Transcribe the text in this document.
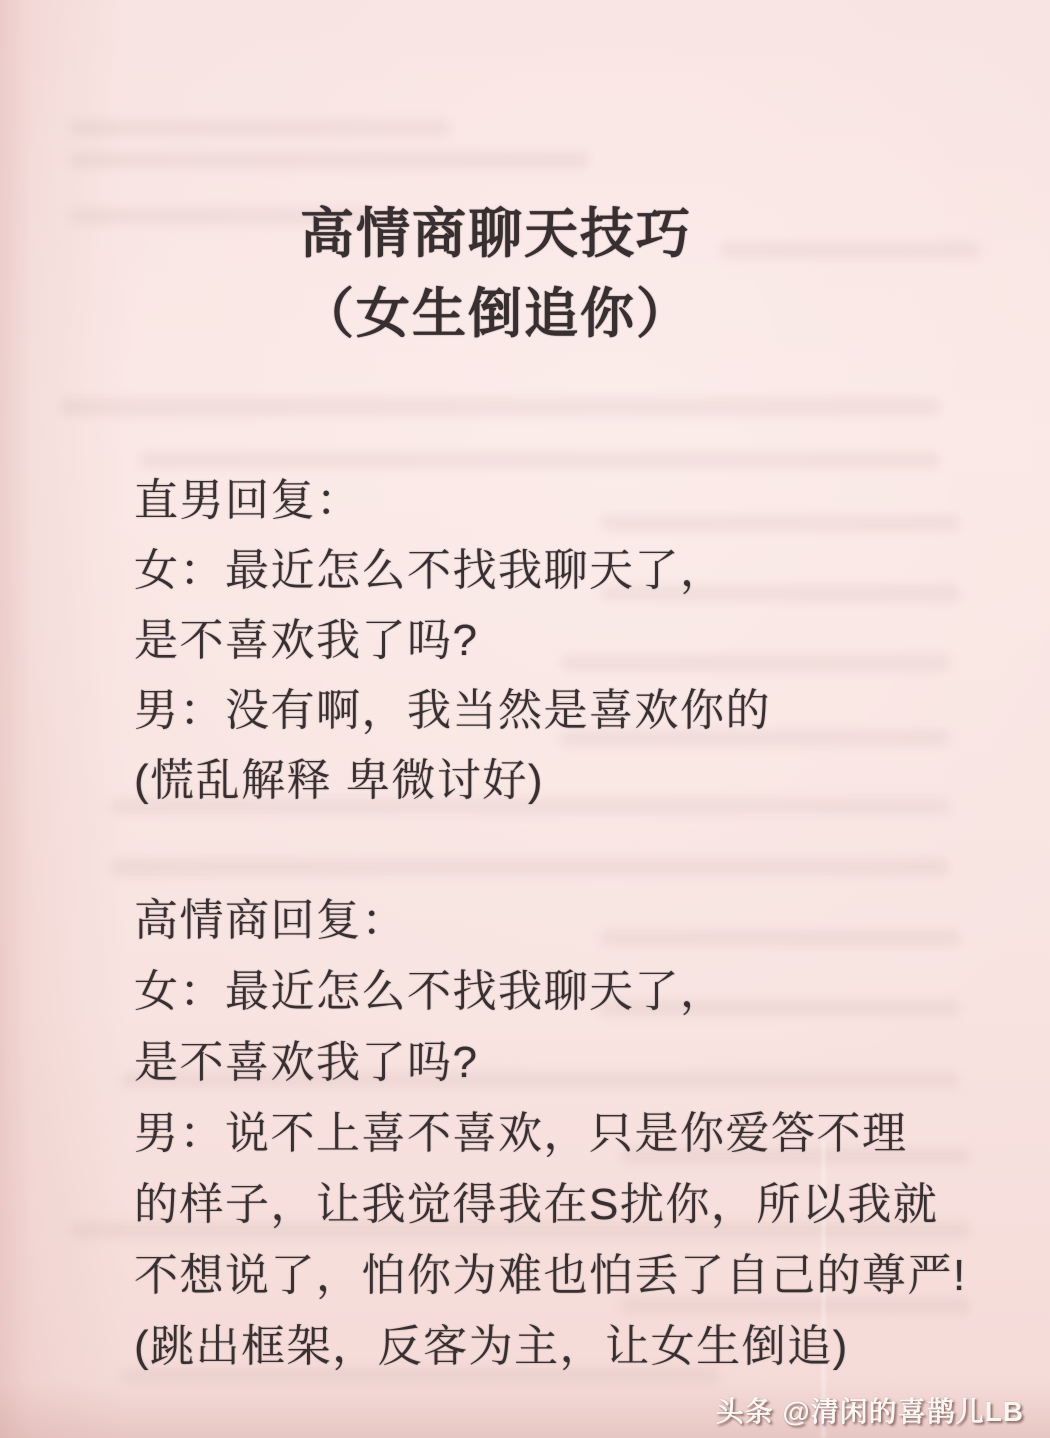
高情商聊天技巧
（女生倒追你）

直男回复：

女：最近怎么不找我聊天了，

是不喜欢我了吗?

男：没有啊，我当然是喜欢你的

(慌乱解释 卑微讨好)

高情商回复：

女：最近怎么不找我聊天了，

是不喜欢我了吗?

男：说不上喜不喜欢，只是你爱答不理

的样子，让我觉得我在S扰你，所以我就

不想说了，怕你为难也怕丢了自己的尊严!

(跳出框架，反客为主，让女生倒追)

头条 @清闲的喜鹊儿LB
